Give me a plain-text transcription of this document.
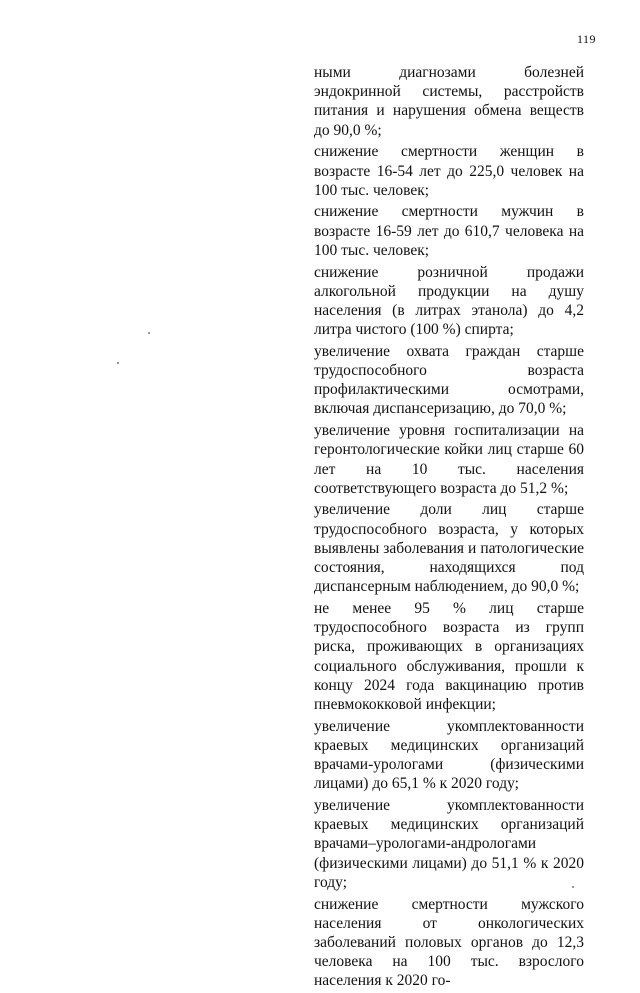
119

ными диагнозами болезней эндокринной системы, расстройств питания и нарушения обмена веществ до 90,0 %;

снижение смертности женщин в возрасте 16-54 лет до 225,0 человек на 100 тыс. человек;

снижение смертности мужчин в возрасте 16-59 лет до 610,7 человека на 100 тыс. человек;

снижение розничной продажи алкогольной продукции на душу населения (в литрах этанола) до 4,2 литра чистого (100 %) спирта;

увеличение охвата граждан старше трудоспособного возраста профилактическими осмотрами, включая диспансеризацию, до 70,0 %;

увеличение уровня госпитализации на геронтологические койки лиц старше 60 лет на 10 тыс. населения соответствующего возраста до 51,2 %;

увеличение доли лиц старше трудоспособного возраста, у которых выявлены заболевания и патологические состояния, находящихся под диспансерным наблюдением, до 90,0 %;

не менее 95 % лиц старше трудоспособного возраста из групп риска, проживающих в организациях социального обслуживания, прошли к концу 2024 года вакцинацию против пневмококковой инфекции;

увеличение укомплектованности краевых медицинских организаций врачами-урологами (физическими лицами) до 65,1 % к 2020 году;

увеличение укомплектованности краевых медицинских организаций врачами–урологами-андрологами (физическими лицами) до 51,1 % к 2020 году;

снижение смертности мужского населения от онкологических заболеваний половых органов до 12,3 человека на 100 тыс. взрослого населения к 2020 го-
